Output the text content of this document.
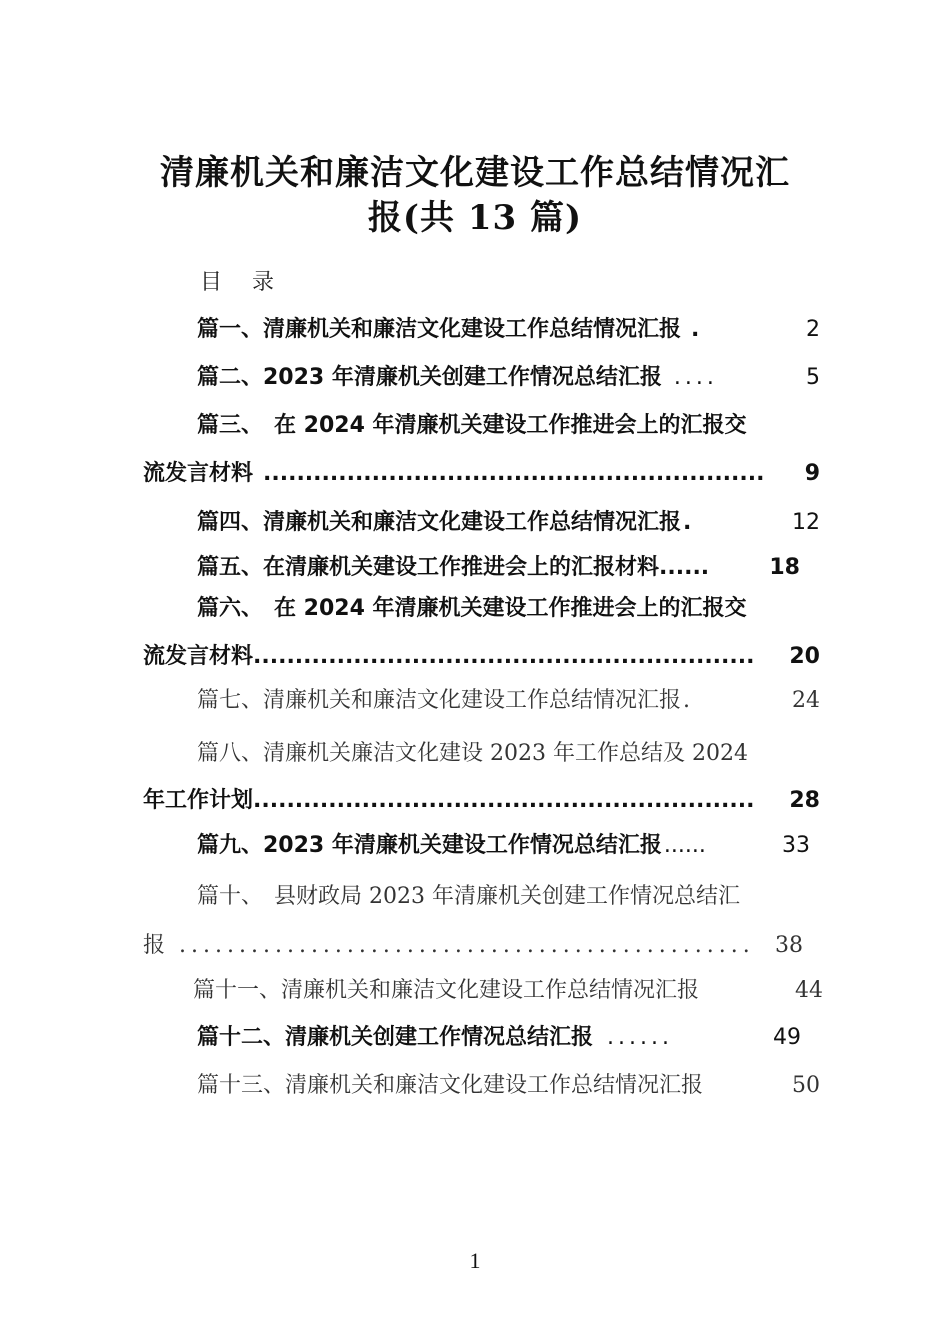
清廉机关和廉洁文化建设工作总结情况汇
报(共 13 篇)
目录
篇一、清廉机关和廉洁文化建设工作总结情况汇报 .	2
篇二、2023 年清廉机关创建工作情况总结汇报 ....	5
篇三、　在 2024 年清廉机关建设工作推进会上的汇报交
流发言材料 ............................................................	9
篇四、清廉机关和廉洁文化建设工作总结情况汇报 .	12
篇五、在清廉机关建设工作推进会上的汇报材料 ......	18
篇六、　在 2024 年清廉机关建设工作推进会上的汇报交
流发言材料 ............................................................	20
篇七、清廉机关和廉洁文化建设工作总结情况汇报 .	24
篇八、清廉机关廉洁文化建设 2023 年工作总结及 2024
年工作计划 ............................................................	28
篇九、2023 年清廉机关建设工作情况总结汇报 ......	33
篇十、　县财政局 2023 年清廉机关创建工作情况总结汇
报 ................................................ 38
篇十一、清廉机关和廉洁文化建设工作总结情况汇报	44
篇十二、清廉机关创建工作情况总结汇报 ......	49
篇十三、清廉机关和廉洁文化建设工作总结情况汇报	50
1
